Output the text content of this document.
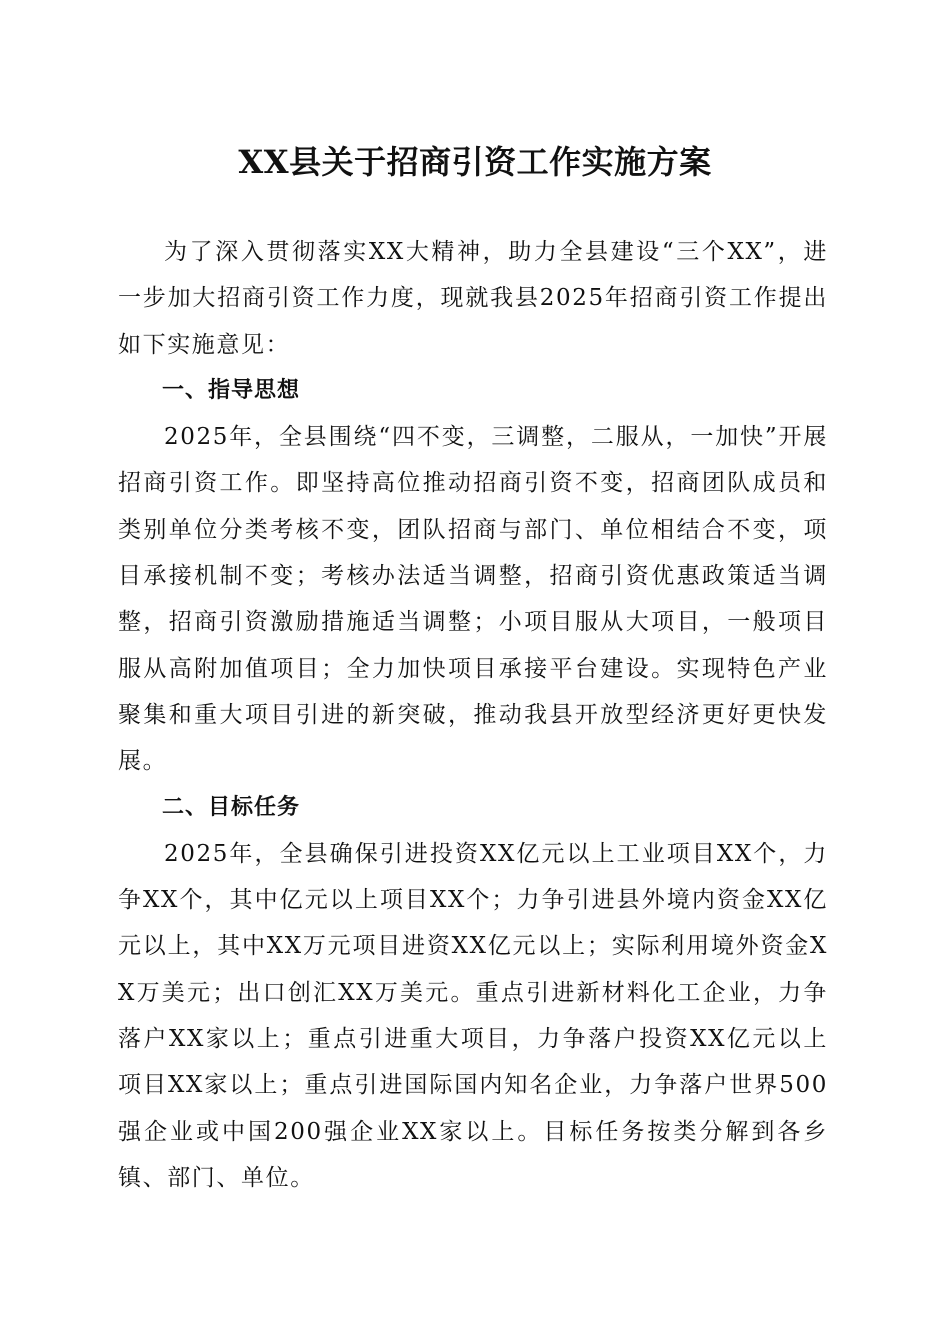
XX县关于招商引资工作实施方案

为了深入贯彻落实XX大精神，助力全县建设“三个XX”，进一步加大招商引资工作力度，现就我县2025年招商引资工作提出如下实施意见：

一、指导思想

2025年，全县围绕“四不变，三调整，二服从，一加快”开展招商引资工作。即坚持高位推动招商引资不变，招商团队成员和类别单位分类考核不变，团队招商与部门、单位相结合不变，项目承接机制不变；考核办法适当调整，招商引资优惠政策适当调整，招商引资激励措施适当调整；小项目服从大项目，一般项目服从高附加值项目；全力加快项目承接平台建设。实现特色产业聚集和重大项目引进的新突破，推动我县开放型经济更好更快发展。

二、目标任务

2025年，全县确保引进投资XX亿元以上工业项目XX个，力争XX个，其中亿元以上项目XX个；力争引进县外境内资金XX亿元以上，其中XX万元项目进资XX亿元以上；实际利用境外资金XX万美元；出口创汇XX万美元。重点引进新材料化工企业，力争落户XX家以上；重点引进重大项目，力争落户投资XX亿元以上项目XX家以上；重点引进国际国内知名企业，力争落户世界500强企业或中国200强企业XX家以上。目标任务按类分解到各乡镇、部门、单位。
